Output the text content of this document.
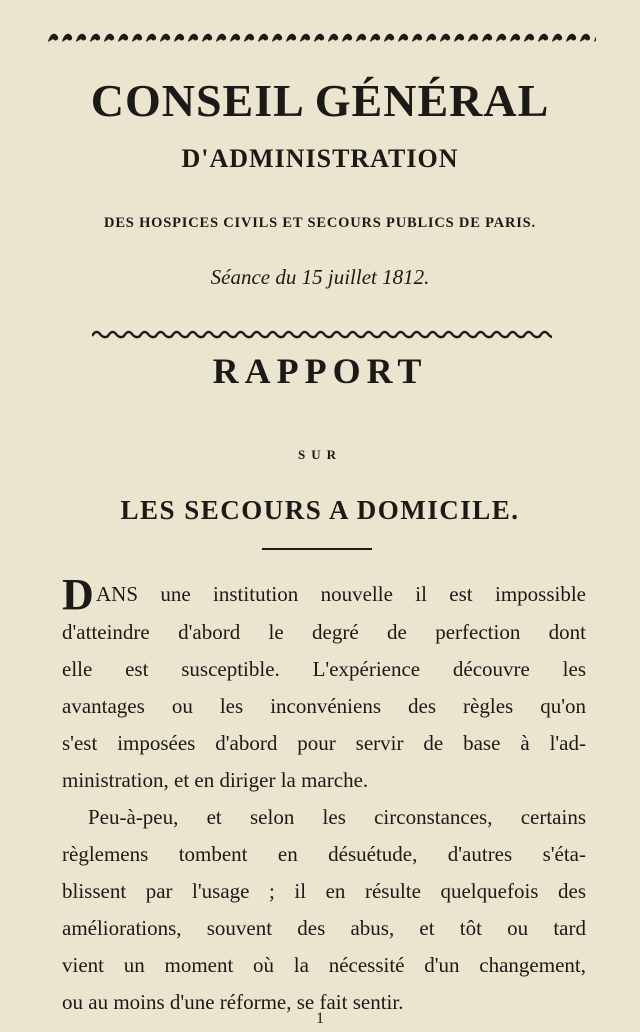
CONSEIL GÉNÉRAL
D'ADMINISTRATION
DES HOSPICES CIVILS ET SECOURS PUBLICS DE PARIS.
Séance du 15 juillet 1812.
RAPPORT
SUR
LES SECOURS A DOMICILE.
D ANS une institution nouvelle il est impossible
d'atteindre d'abord le degré de perfection dont
elle est susceptible. L'expérience découvre les
avantages ou les inconvéniens des règles qu'on
s'est imposées d'abord pour servir de base à l'ad-
ministration, et en diriger la marche.
Peu-à-peu, et selon les circonstances, certains
règlemens tombent en désuétude, d'autres s'éta-
blissent par l'usage ; il en résulte quelquefois des
améliorations, souvent des abus, et tôt ou tard
vient un moment où la nécessité d'un changement,
ou au moins d'une réforme, se fait sentir.
1
